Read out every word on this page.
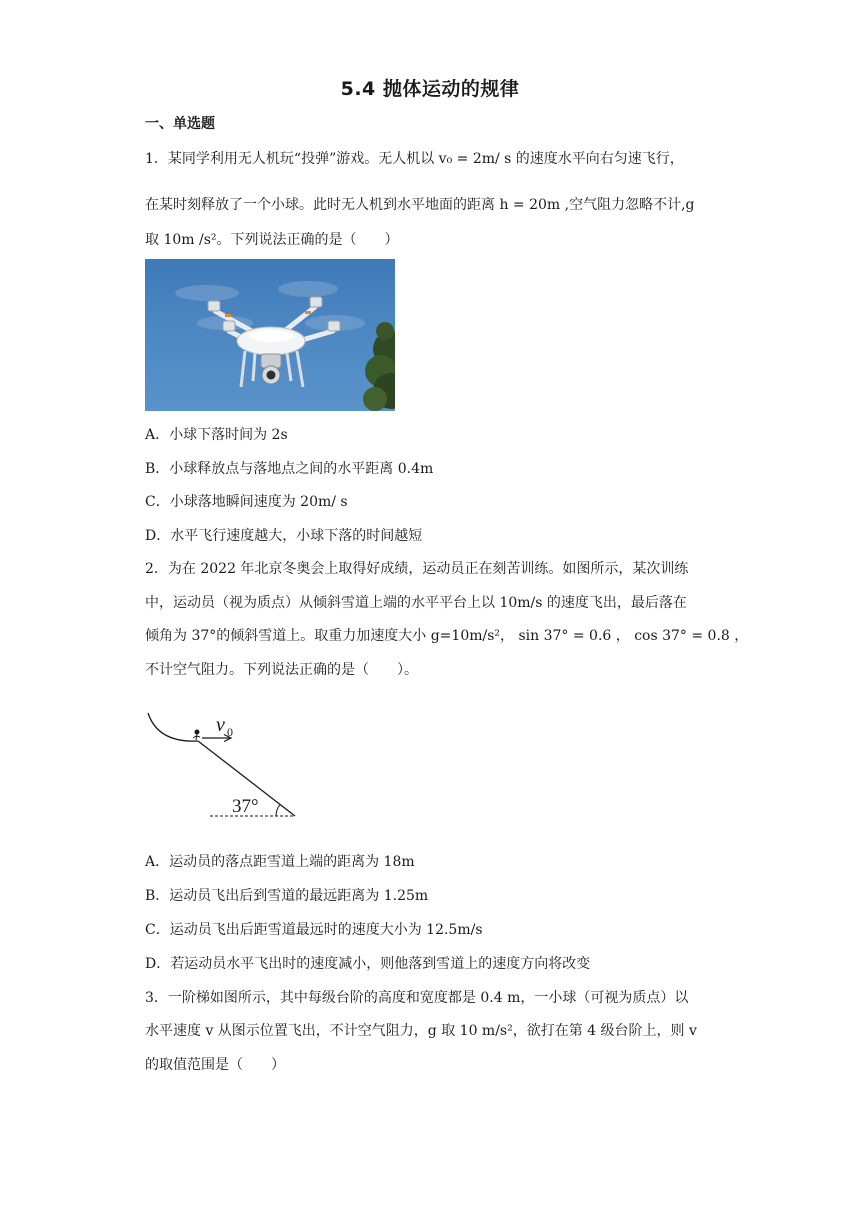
5.4 抛体运动的规律
一、单选题
1．某同学利用无人机玩“投弹”游戏。无人机以 v₀ = 2m/ s 的速度水平向右匀速飞行，
在某时刻释放了一个小球。此时无人机到水平地面的距离 h = 20m ,空气阻力忽略不计,g
取 10m /s²。下列说法正确的是（　　）
A．小球下落时间为 2s
B．小球释放点与落地点之间的水平距离 0.4m
C．小球落地瞬间速度为 20m/ s
D．水平飞行速度越大，小球下落的时间越短
2．为在 2022 年北京冬奥会上取得好成绩，运动员正在刻苦训练。如图所示，某次训练
中，运动员（视为质点）从倾斜雪道上端的水平平台上以 10m/s 的速度飞出，最后落在
倾角为 37°的倾斜雪道上。取重力加速度大小 g=10m/s²， sin 37° = 0.6 ， cos 37° = 0.8 ，
不计空气阻力。下列说法正确的是（　　）。
v 0
37°
A．运动员的落点距雪道上端的距离为 18m
B．运动员飞出后到雪道的最远距离为 1.25m
C．运动员飞出后距雪道最远时的速度大小为 12.5m/s
D．若运动员水平飞出时的速度减小，则他落到雪道上的速度方向将改变
3．一阶梯如图所示，其中每级台阶的高度和宽度都是 0.4 m，一小球（可视为质点）以
水平速度 v 从图示位置飞出，不计空气阻力，g 取 10 m/s²，欲打在第 4 级台阶上，则 v
的取值范围是（　　）
